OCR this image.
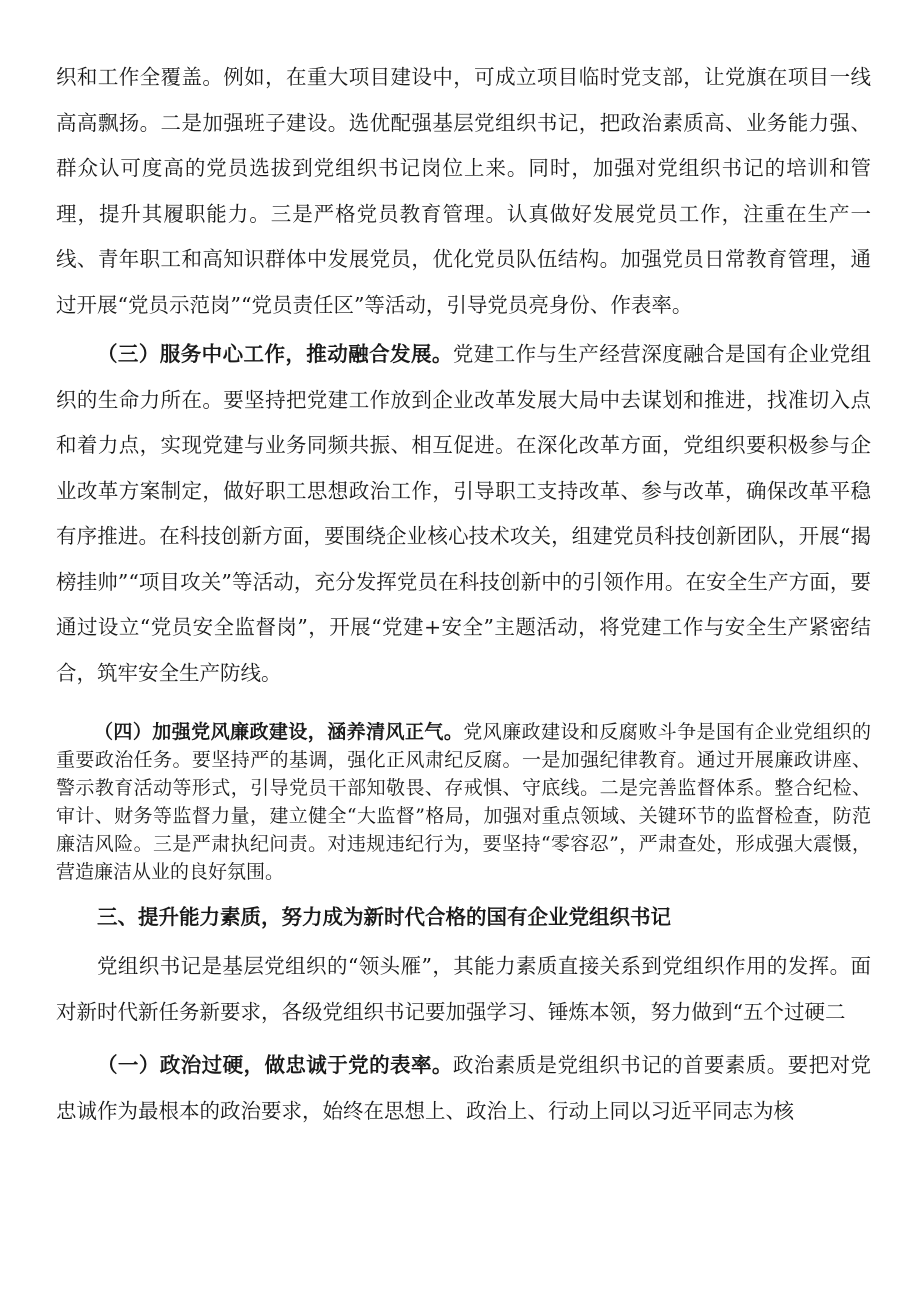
织和工作全覆盖。例如，在重大项目建设中，可成立项目临时党支部，让党旗在项目一线高高飘扬。二是加强班子建设。选优配强基层党组织书记，把政治素质高、业务能力强、群众认可度高的党员选拔到党组织书记岗位上来。同时，加强对党组织书记的培训和管理，提升其履职能力。三是严格党员教育管理。认真做好发展党员工作，注重在生产一线、青年职工和高知识群体中发展党员，优化党员队伍结构。加强党员日常教育管理，通过开展“党员示范岗”“党员责任区”等活动，引导党员亮身份、作表率。

（三）服务中心工作，推动融合发展。党建工作与生产经营深度融合是国有企业党组织的生命力所在。要坚持把党建工作放到企业改革发展大局中去谋划和推进，找准切入点和着力点，实现党建与业务同频共振、相互促进。在深化改革方面，党组织要积极参与企业改革方案制定，做好职工思想政治工作，引导职工支持改革、参与改革，确保改革平稳有序推进。在科技创新方面，要围绕企业核心技术攻关，组建党员科技创新团队，开展“揭榜挂帅”“项目攻关”等活动，充分发挥党员在科技创新中的引领作用。在安全生产方面，要通过设立“党员安全监督岗”，开展“党建+安全”主题活动，将党建工作与安全生产紧密结合，筑牢安全生产防线。

（四）加强党风廉政建设，涵养清风正气。党风廉政建设和反腐败斗争是国有企业党组织的重要政治任务。要坚持严的基调，强化正风肃纪反腐。一是加强纪律教育。通过开展廉政讲座、警示教育活动等形式，引导党员干部知敬畏、存戒惧、守底线。二是完善监督体系。整合纪检、审计、财务等监督力量，建立健全“大监督”格局，加强对重点领域、关键环节的监督检查，防范廉洁风险。三是严肃执纪问责。对违规违纪行为，要坚持“零容忍”，严肃查处，形成强大震慑，营造廉洁从业的良好氛围。

三、提升能力素质，努力成为新时代合格的国有企业党组织书记

党组织书记是基层党组织的“领头雁”，其能力素质直接关系到党组织作用的发挥。面对新时代新任务新要求，各级党组织书记要加强学习、锤炼本领，努力做到“五个过硬二

（一）政治过硬，做忠诚于党的表率。政治素质是党组织书记的首要素质。要把对党忠诚作为最根本的政治要求，始终在思想上、政治上、行动上同以习近平同志为核
